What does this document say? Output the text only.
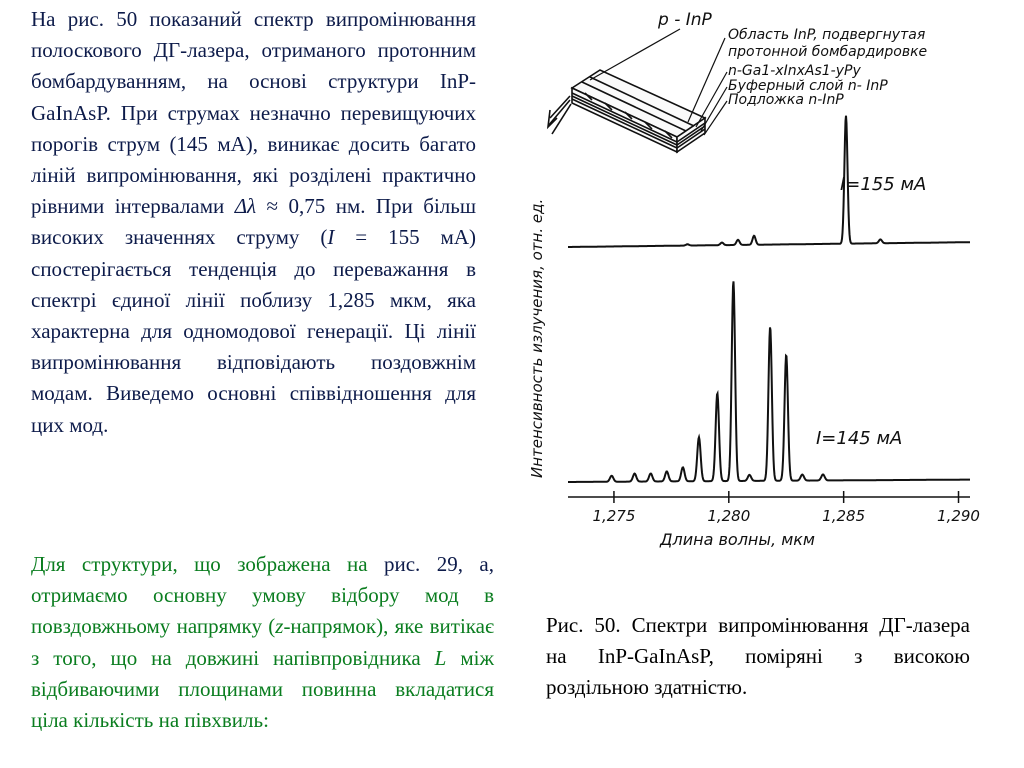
На рис. 50 показаний спектр випромінювання полоскового ДГ-лазера, отриманого протонним бомбардуванням, на основі структури InP-GaInAsP. При струмах незначно перевищуючих порогів струм (145 мА), виникає досить багато ліній випромінювання, які розділені практично рівними інтервалами Δλ ≈ 0,75 нм. При більш високих значеннях струму (I = 155 мА) спостерігається тенденція до переважання в спектрі єдиної лінії поблизу 1,285 мкм, яка характерна для одномодової генерації. Ці лінії випромінювання відповідають поздовжнім модам. Виведемо основні співвідношення для цих мод.

Для структури, що зображена на рис. 29, а, отримаємо основну умову відбору мод в повздовжньому напрямку (z-напрямок), яке витікає з того, що на довжині напівпровідника L між відбиваючими площинами повинна вкладатися ціла кількість на півхвиль:

Рис. 50. Спектри випромінювання ДГ-лазера на InP-GaInAsP, поміряні з високою роздільною здатністю.

p - InP
Область InP, подвергнутая
протонной бомбардировке
n-Ga1-xInxAs1-yPy
Буферный слой n- InP
Подложка n-InP
Интенсивность излучения, отн. ед.
1,275	1,280	1,285	1,290
I=155 мА
I=145 мА
Длина волны, мкм
